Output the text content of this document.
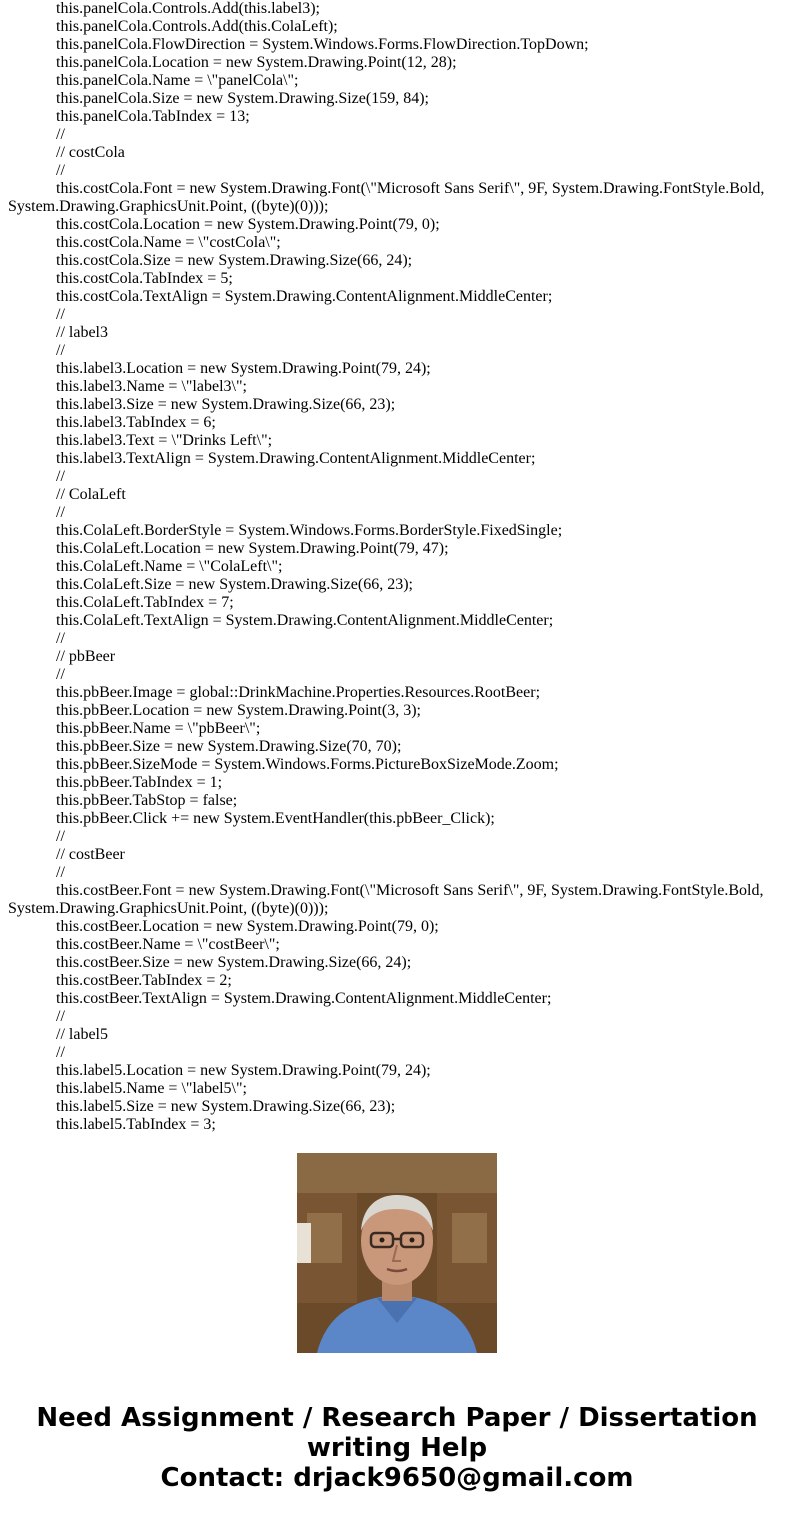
this.panelCola.Controls.Add(this.label3);
this.panelCola.Controls.Add(this.ColaLeft);
this.panelCola.FlowDirection = System.Windows.Forms.FlowDirection.TopDown;
this.panelCola.Location = new System.Drawing.Point(12, 28);
this.panelCola.Name = \"panelCola\";
this.panelCola.Size = new System.Drawing.Size(159, 84);
this.panelCola.TabIndex = 13;
//
// costCola
//
this.costCola.Font = new System.Drawing.Font(\"Microsoft Sans Serif\", 9F, System.Drawing.FontStyle.Bold,
System.Drawing.GraphicsUnit.Point, ((byte)(0)));
this.costCola.Location = new System.Drawing.Point(79, 0);
this.costCola.Name = \"costCola\";
this.costCola.Size = new System.Drawing.Size(66, 24);
this.costCola.TabIndex = 5;
this.costCola.TextAlign = System.Drawing.ContentAlignment.MiddleCenter;
//
// label3
//
this.label3.Location = new System.Drawing.Point(79, 24);
this.label3.Name = \"label3\";
this.label3.Size = new System.Drawing.Size(66, 23);
this.label3.TabIndex = 6;
this.label3.Text = \"Drinks Left\";
this.label3.TextAlign = System.Drawing.ContentAlignment.MiddleCenter;
//
// ColaLeft
//
this.ColaLeft.BorderStyle = System.Windows.Forms.BorderStyle.FixedSingle;
this.ColaLeft.Location = new System.Drawing.Point(79, 47);
this.ColaLeft.Name = \"ColaLeft\";
this.ColaLeft.Size = new System.Drawing.Size(66, 23);
this.ColaLeft.TabIndex = 7;
this.ColaLeft.TextAlign = System.Drawing.ContentAlignment.MiddleCenter;
//
// pbBeer
//
this.pbBeer.Image = global::DrinkMachine.Properties.Resources.RootBeer;
this.pbBeer.Location = new System.Drawing.Point(3, 3);
this.pbBeer.Name = \"pbBeer\";
this.pbBeer.Size = new System.Drawing.Size(70, 70);
this.pbBeer.SizeMode = System.Windows.Forms.PictureBoxSizeMode.Zoom;
this.pbBeer.TabIndex = 1;
this.pbBeer.TabStop = false;
this.pbBeer.Click += new System.EventHandler(this.pbBeer_Click);
//
// costBeer
//
this.costBeer.Font = new System.Drawing.Font(\"Microsoft Sans Serif\", 9F, System.Drawing.FontStyle.Bold,
System.Drawing.GraphicsUnit.Point, ((byte)(0)));
this.costBeer.Location = new System.Drawing.Point(79, 0);
this.costBeer.Name = \"costBeer\";
this.costBeer.Size = new System.Drawing.Size(66, 24);
this.costBeer.TabIndex = 2;
this.costBeer.TextAlign = System.Drawing.ContentAlignment.MiddleCenter;
//
// label5
//
this.label5.Location = new System.Drawing.Point(79, 24);
this.label5.Name = \"label5\";
this.label5.Size = new System.Drawing.Size(66, 23);
this.label5.TabIndex = 3;
Need Assignment / Research Paper / Dissertation
writing Help
Contact: drjack9650@gmail.com
